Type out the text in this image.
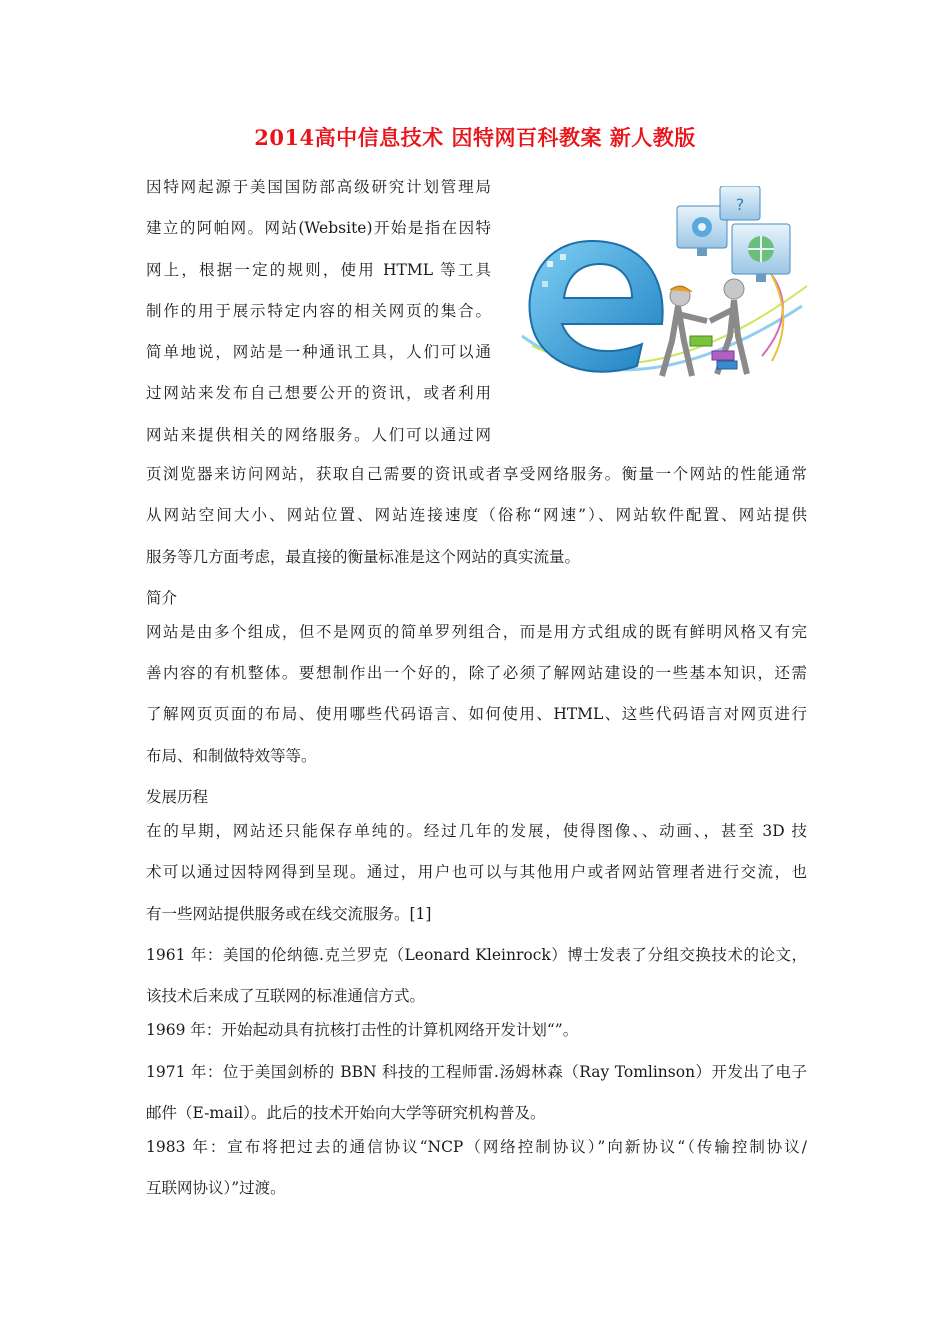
2014高中信息技术 因特网百科教案 新人教版
因特网起源于美国国防部高级研究计划管理局
建立的阿帕网。网站(Website)开始是指在因特
网上，根据一定的规则，使用 HTML 等工具
制作的用于展示特定内容的相关网页的集合。
简单地说，网站是一种通讯工具，人们可以通
过网站来发布自己想要公开的资讯，或者利用
网站来提供相关的网络服务。人们可以通过网
?
页浏览器来访问网站，获取自己需要的资讯或者享受网络服务。衡量一个网站的性能通常
从网站空间大小、网站位置、网站连接速度（俗称“网速”）、网站软件配置、网站提供
服务等几方面考虑，最直接的衡量标准是这个网站的真实流量。
简介
网站是由多个组成，但不是网页的简单罗列组合，而是用方式组成的既有鲜明风格又有完
善内容的有机整体。要想制作出一个好的，除了必须了解网站建设的一些基本知识，还需
了解网页页面的布局、使用哪些代码语言、如何使用、HTML、这些代码语言对网页进行
布局、和制做特效等等。
发展历程
在的早期，网站还只能保存单纯的。经过几年的发展，使得图像、、动画、，甚至 3D 技
术可以通过因特网得到呈现。通过，用户也可以与其他用户或者网站管理者进行交流，也
有一些网站提供服务或在线交流服务。[1]
1961 年：美国的伦纳德.克兰罗克（Leonard Kleinrock）博士发表了分组交换技术的论文，
该技术后来成了互联网的标准通信方式。
1969 年：开始起动具有抗核打击性的计算机网络开发计划“”。
1971 年：位于美国剑桥的 BBN 科技的工程师雷.汤姆林森（Ray Tomlinson）开发出了电子
邮件（E-mail）。此后的技术开始向大学等研究机构普及。
1983 年：宣布将把过去的通信协议“NCP（网络控制协议）”向新协议“（传输控制协议/
互联网协议）”过渡。
